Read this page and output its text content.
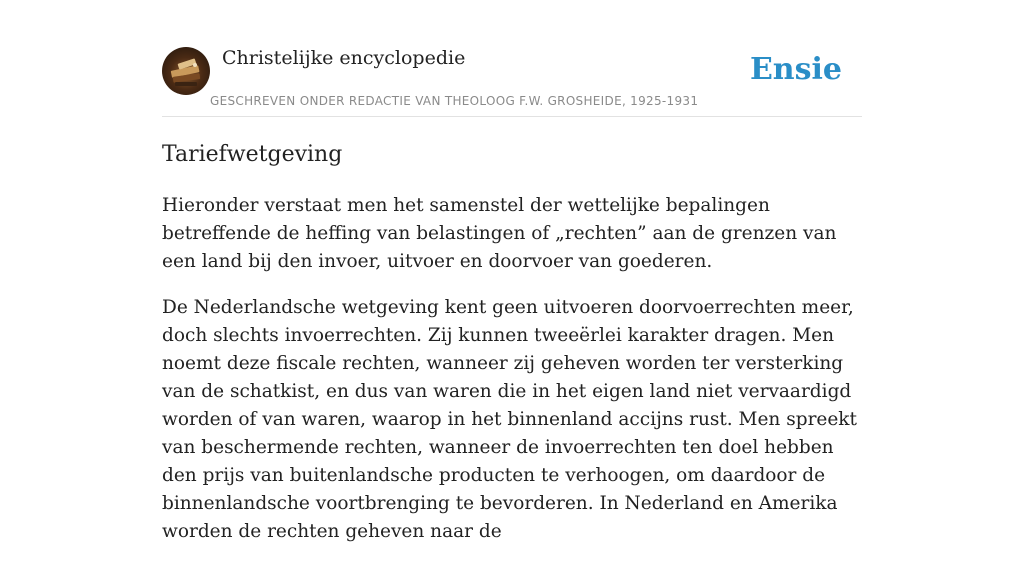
Christelijke encyclopedie
GESCHREVEN ONDER REDACTIE VAN THEOLOOG F.W. GROSHEIDE, 1925-1931
Ensie
Tariefwetgeving

Hieronder verstaat men het samenstel der wettelijke bepalingen betreffende de heffing van belastingen of „rechten” aan de grenzen van een land bij den invoer, uitvoer en doorvoer van goederen.

De Nederlandsche wetgeving kent geen uitvoeren doorvoerrechten meer, doch slechts invoerrechten. Zij kunnen tweeërlei karakter dragen. Men noemt deze fiscale rechten, wanneer zij geheven worden ter versterking van de schatkist, en dus van waren die in het eigen land niet vervaardigd worden of van waren, waarop in het binnenland accijns rust. Men spreekt van beschermende rechten, wanneer de invoerrechten ten doel hebben den prijs van buitenlandsche producten te verhoogen, om daardoor de binnenlandsche voortbrenging te bevorderen. In Nederland en Amerika worden de rechten geheven naar de
